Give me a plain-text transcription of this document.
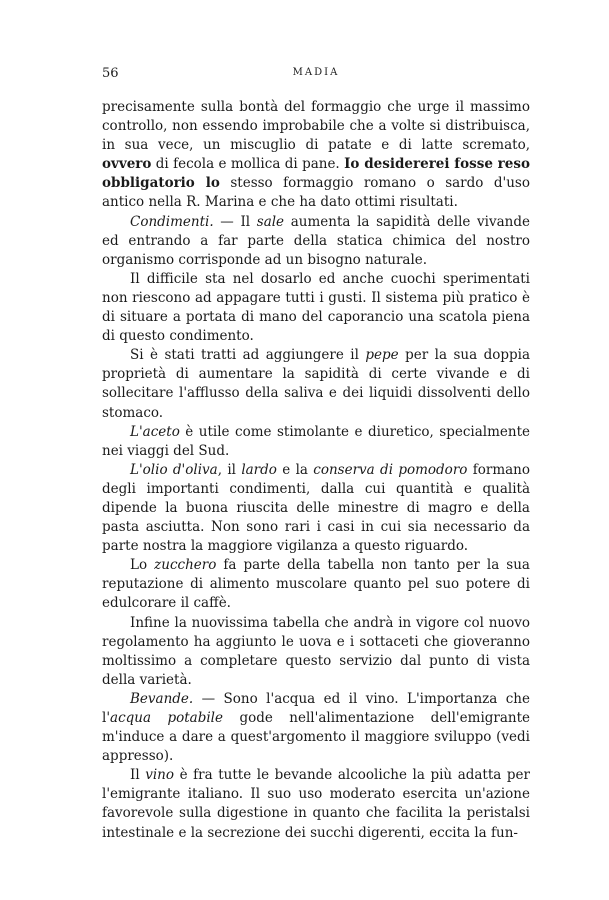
56	MADIA

precisamente sulla bontà del formaggio che urge il massimo controllo, non essendo improbabile che a volte si distribuisca, in sua vece, un miscuglio di patate e di latte scremato, ovvero di fecola e mollica di pane. Io desidererei fosse reso obbligatorio lo stesso formaggio romano o sardo d'uso antico nella R. Marina e che ha dato ottimi risultati.

Condimenti. — Il sale aumenta la sapidità delle vivande ed entrando a far parte della statica chimica del nostro organismo corrisponde ad un bisogno naturale.

Il difficile sta nel dosarlo ed anche cuochi sperimentati non riescono ad appagare tutti i gusti. Il sistema più pratico è di situare a portata di mano del caporancio una scatola piena di questo condimento.

Si è stati tratti ad aggiungere il pepe per la sua doppia proprietà di aumentare la sapidità di certe vivande e di sollecitare l'afflusso della saliva e dei liquidi dissolventi dello stomaco.

L'aceto è utile come stimolante e diuretico, specialmente nei viaggi del Sud.

L'olio d'oliva, il lardo e la conserva di pomodoro formano degli importanti condimenti, dalla cui quantità e qualità dipende la buona riuscita delle minestre di magro e della pasta asciutta. Non sono rari i casi in cui sia necessario da parte nostra la maggiore vigilanza a questo riguardo.

Lo zucchero fa parte della tabella non tanto per la sua reputazione di alimento muscolare quanto pel suo potere di edulcorare il caffè.

Infine la nuovissima tabella che andrà in vigore col nuovo regolamento ha aggiunto le uova e i sottaceti che gioveranno moltissimo a completare questo servizio dal punto di vista della varietà.

Bevande. — Sono l'acqua ed il vino. L'importanza che l'acqua potabile gode nell'alimentazione dell'emigrante m'induce a dare a quest'argomento il maggiore sviluppo (vedi appresso).

Il vino è fra tutte le bevande alcooliche la più adatta per l'emigrante italiano. Il suo uso moderato esercita un'azione favorevole sulla digestione in quanto che facilita la peristalsi intestinale e la secrezione dei succhi digerenti, eccita la fun-
